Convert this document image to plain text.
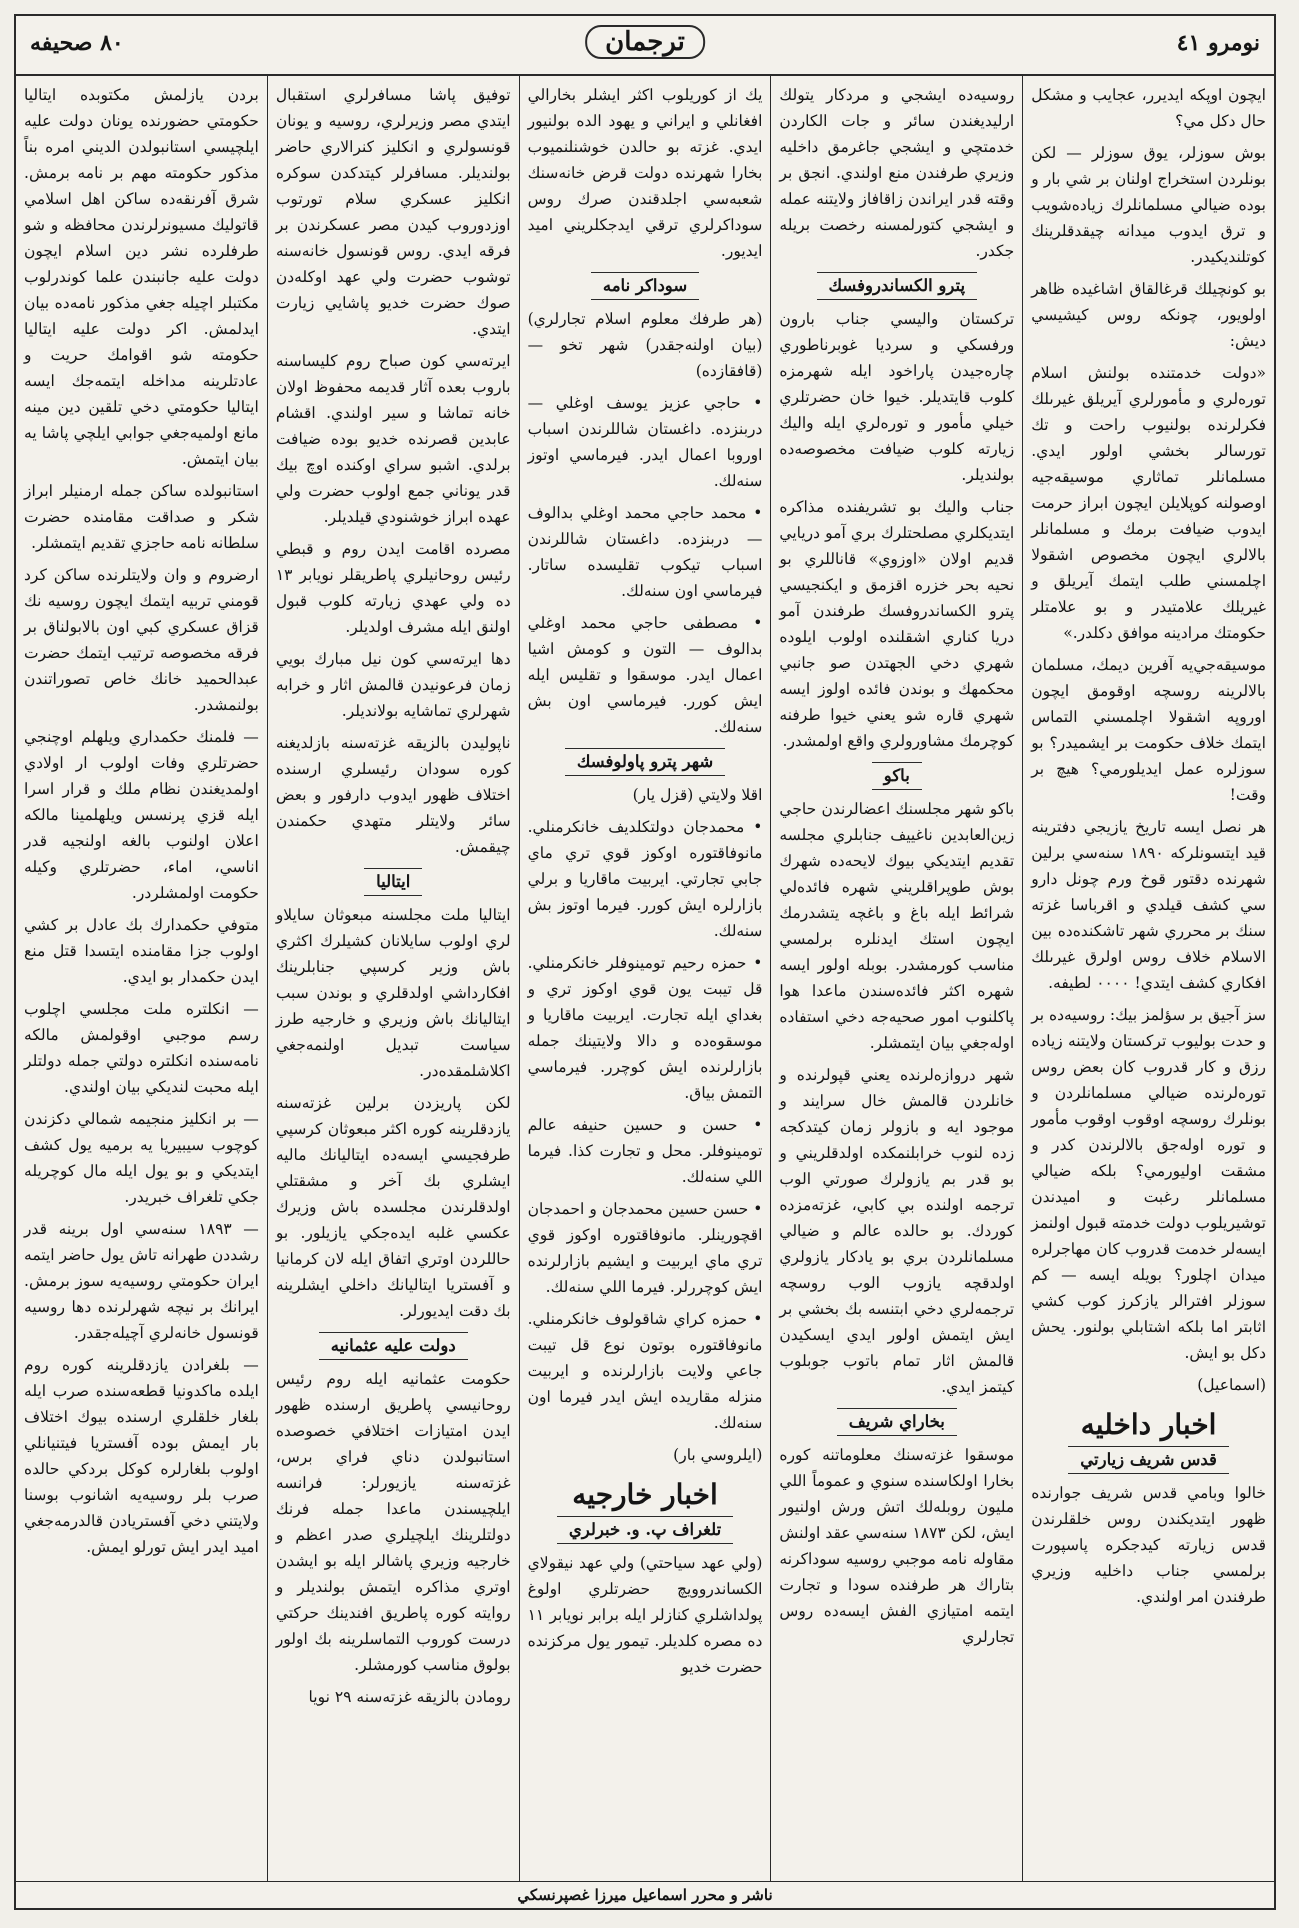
نومرو ٤١
ترجمان
٨٠ صحيفه

ايچون اوپكه ايديرر، عجايب و مشكل حال دكل مي؟

بوش سوزلر، يوق سوزلر — لكن بونلردن استخراج اولنان بر شي بار و بوده ضيالي مسلمانلرك زياده‌شويب و ترق ايدوب ميدانه چيقدقلرينك كوتلنديكيدر.

بو كونچيلك قرغالقاق اشاغيده ظاهر اولويور، چونكه روس كيشيسي ديش:

«دولت خدمتنده بولنش اسلام تورەلري و مأمورلري آيريلق غيرىلك فكرلرنده بولنيوب راحت و تك تورسالر بخشي اولور ايدي. مسلمانلر تماثاري‌ موسيقه‌جيه اوصولنه كوپلايلن ايچون ابراز حرمت ايدوب ضيافت برمك و مسلمانلر بالالري ايچون مخصوص اشقولا اچلمسني طلب ايتمك آيريلق و غيريلك علامتيدر و بو علامتلر حكومتك مرادينه موافق دكلدر.»

موسيقه‌جي‌يه آفرين ديمك، مسلمان بالالرينه روسچه اوقومق ايچون اوروپه اشقولا اچلمسني التماس ايتمك خلاف حكومت بر ايشميدر؟ بو سوزلره عمل ايديلورمي؟ هيچ بر وقت!

هر نصل ايسه تاريخ يازيجي دفترينه قيد ايتسونلركه ١٨٩٠ سنه‌سي برلين شهرنده دقتور قوخ ورم چونل دارو سي كشف قيلدي و اقرباسا غزته سنك بر محرري شهر تاشكنده‌ده بين الاسلام خلاف روس اولرق غيرىلك افكاري كشف ايتدي! ٠٠٠٠ لطيفه.

سز آجيق بر سؤلمز بيك: روسيه‌ده بر و حدت بوليوب تركستان ولايتنه زياده رزق و كار قدروب كان بعض روس تورەلرنده ضيالي مسلمانلردن و بونلرك روسچه اوقوب اوقوب مأمور و تورە اولەجق بالالرندن كدر و مشقت اوليورمي؟ بلكه ضيالي مسلمانلر رغبت و اميدندن توشيريلوب دولت خدمته قبول اولنمز ايسه‌لر خدمت قدروب كان مهاجرلره ميدان اچلور؟ بويله ايسه — كم سوزلر افترالر يازكرز كوب كشي اثابتر اما بلكه اشتابلي بولنور. يحش دكل بو ايش.

(اسماعيل)

اخبار داخليه
قدس شريف زيارتي

خالوا وبامي قدس شريف جوارنده ظهور ايتديكندن روس خلقلرندن قدس زيارته كيدجكره پاسپورت برلمسي جناب داخليه وزيري طرفندن امر اولندي.

روسيه‌ده ايشجي و مردكار يتولك ارليديغندن سائر و جات الكاردن خدمتچي و ايشجي جاغرمق داخليه وزيري طرفندن منع اولندي. انجق بر وقته قدر ايراندن زاقافاز ولايتنه عمله و ايشجي كتورلمسنه رخصت بريله جكدر.

پترو الكساندروفسك

تركستان واليسي جناب بارون ورفسكي و سرديا غوبرناطوري چاره‌جيدن پاراخود ايله شهرمزه كلوب قايتديلر. خيوا خان حضرتلري خيلي مأمور و تورەلري ايله واليك زيارته كلوب ضيافت مخصوصه‌ده بولنديلر.

جناب واليك بو تشريفنده مذاكره ايتديكلري مصلحتلرك بري آمو دريايي قديم اولان «اوزوي» قاناللري بو نحيه بحر خزره اقزمق و ايكنجيسي پترو الكساندروفسك طرفندن آمو دريا كناري اشقلنده اولوب ايلوده شهري دخي الجهتدن صو جانبي محكمهك و بوندن فائده اولوز ايسه شهري قاره شو يعني خيوا طرفنه كوچرمك مشاورولري واقع اولمشدر.

باكو

باكو شهر مجلسنك اعضالرندن حاجي زين‌العابدين ناغييف جنابلري مجلسه تقديم ايتديكي بيوك لايحه‌ده شهرك بوش طوپراقلريني شهره فائده‌لي شرائط ايله باغ و باغچه يتشدرمك ايچون استك ايدنلره برلمسي مناسب كورمشدر. بوبله اولور ايسه شهره اكثر فائده‌سندن ماعدا هوا پاكلنوب امور صحيه‌جه دخي استفاده اوله‌جغي بيان ايتمشلر.

شهر دروازه‌لرنده يعني قپولرنده و خانلردن قالمش خال سرايند و موجود ايه و بازولر زمان كيتدكجه زده لنوب خرابلنمكده اولدقلريني و بو قدر بم يازولرك صورتي الوب ترجمه اولنده بي كابي، غزته‌مزده كوردك. بو حالده عالم و ضيالي مسلمانلردن بري بو يادكار يازولري اولدقچه يازوب الوب روسچه ترجمه‌لري دخي ابتنسه بك بخشي بر ايش ايتمش اولور ايدي ايسكيدن قالمش اثار تمام باتوب جوبلوب كيتمز ايدي.

بخاراي شريف

موسقوا غزته‌سنك معلوماتنه كوره بخارا اولكاسنده سنوي و عموماً اللي مليون روبله‌لك اتش ورش اولنيور ايش، لكن ١٨٧٣ سنه‌سي عقد اولنش مقاوله نامه موجبي روسيه سوداكرنه بتاراك هر طرفنده سودا و تجارت ايتمه امتيازي الفش ايسه‌ده روس تجارلري

يك از كوريلوب اكثر ايشلر بخارالي افغانلي و ايراني و يهود الده بولنيور ايدي. غزته بو حالدن خوشنلنميوب بخارا شهرنده دولت قرض خانه‌سنك شعبه‌سي اجلدقندن صرك روس سوداكرلري ترقي ايدجكلريني اميد ايديور.

سوداكر نامه

(هر طرفك معلوم اسلام تجارلري) (بيان اولنه‌جقدر) شهر تخو — (قافقازده)

• حاجي عزيز يوسف اوغلي — دربنزده. داغستان شاللرندن اسباب اوروبا اعمال ايدر. فيرماسي اوتوز سنه‌لك.

• محمد حاجي محمد اوغلي بدالوف — دربنزده. داغستان شاللرندن اسباب تيكوب تقليسده ساتار. فيرماسي اون سنه‌لك.

• مصطفى حاجي محمد اوغلي بدالوف — التون و كومش اشيا اعمال ايدر. موسقوا و تقليس ايله ايش كورر. فيرماسي اون بش سنه‌لك.

شهر پترو پاولوفسك

اقلا ولايتي (قزل يار)

• محمدجان دولتكلديف خانكرمنلي. مانوفاقتوره اوكوز قوي تري ماي جابي تجارتي. ايربيت ماقاريا و برلي بازارلره ايش كورر. فيرما اوتوز بش سنه‌لك.

• حمزه رحيم تومينوفلر خانكرمنلي. قل تيبت يون قوي اوكوز تري و بغداي ايله تجارت. ايربيت ماقاريا و موسقوه‌ده و دالا ولايتينك جمله بازارلرنده ايش كوچرر. فيرماسي التمش بياق.

• حسن و حسين حنيفه عالم تومينوفلر. محل و تجارت كذا. فيرما اللي سنه‌لك.

• حسن حسين محمدجان و احمدجان اقچورينلر. مانوفاقتوره اوكوز قوي تري ماي ايربيت و ايشيم بازارلرنده ايش كوچررلر. فيرما اللي سنه‌لك.

• حمزه كراي شاقولوف خانكرمنلي. مانوفاقتوره بوتون نوع قل تيبت جاعي ولايت بازارلرنده و ايربيت منزله مقاريده ايش ايدر فيرما اون سنه‌لك.

(ايلروسي بار)

اخبار خارجيه
تلغراف پ. و. خبرلري

(ولي عهد سياحتي) ولي عهد نيقولاي الكساندروويچ حضرتلري اولوغ پولداشلري كنازلر ايله برابر نويابر ١١ ده مصره كلديلر. تيمور يول مركزنده حضرت خديو

توفيق پاشا مسافرلري استقبال ايتدي مصر وزيرلري، روسيه و يونان قونسولري و انكليز كنرالاري حاضر بولنديلر. مسافرلر كيتدكدن سوكره انكليز عسكري سلام تورتوب اوزدوروب كيدن مصر عسكرندن بر فرقه ايدي. روس قونسول خانه‌سنه توشوب حضرت ولي عهد اوكله‌دن صوك حضرت خديو پاشايي زيارت ايتدي.

ايرته‌سي كون صباح روم كليساسنه باروب بعده آثار قديمه محفوظ اولان خانه تماشا و سير اولندي. اقشام عابدين قصرنده خديو بوده ضيافت برلدي. اشبو سراي اوكنده اوچ بيك قدر يوناني جمع اولوب حضرت ولي عهده ابراز خوشنودي قيلديلر.

مصرده اقامت ايدن روم و قبطي رئيس روحانيلري پاطريقلر نويابر ١٣ ده ولي عهدي زيارته كلوب قبول اولنق ايله مشرف اولديلر.

دها ايرته‌سي كون نيل مبارك بويي زمان فرعونيدن قالمش اثار و خرابه شهرلري تماشايه بولانديلر.

ناپوليدن بالزيقه غزته‌سنه بازلديغنه كوره سودان رئيسلري ارسنده اختلاف ظهور ايدوب دارفور و بعض سائر ولايتلر متهدي حكمندن چيقمش.

ايتاليا

ايتاليا ملت مجلسنه مبعوثان سايلاو لري اولوب سايلانان كشيلرك اكثري باش وزير كرسپي جنابلرينك افكارداشي اولدقلري و بوندن سبب ايتاليانك باش وزيري و خارجيه طرز سياست تبديل اولنمه‌جغي اكلاشلمقده‌در.

لكن پاريزدن برلين غزته‌سنه يازدقلرينه كوره اكثر مبعوثان كرسپي طرفجيسي ايسه‌ده ايتاليانك ماليه ايشلري بك آخر و مشقتلي اولدقلرندن مجلسده باش وزيرك عكسي غلبه ايده‌جكي يازيلور. بو حاللردن اوتري اتفاق ايله لان كرمانيا و آفستريا ايتاليانك داخلي ايشلرينه بك دقت ايديورلر.

دولت عليه عثمانيه

حكومت عثمانيه ايله روم رئيس روحانيسي پاطريق ارسنده ظهور ايدن امتيازات اختلافي خصوصده استانبولدن دناي فراي برس، غزته‌سنه يازيورلر: فرانسه ايلچيسندن ماعدا جمله فرنك دولتلرينك ايلچيلري صدر اعظم و خارجيه وزيري پاشالر ايله بو ايشدن اوتري مذاكره ايتمش بولنديلر و روايته كوره پاطريق افندينك حركتي درست كوروب التماسلرينه بك اولور بولوق مناسب كورمشلر.

رومادن بالزيقه غزته‌سنه ٢٩ نويا

بردن يازلمش مكتوبده ايتاليا حكومتي حضورنده يونان دولت عليه ايلچيسي استانبولدن الديني امره بناً مذكور حكومته مهم بر نامه برمش. شرق آفرنقه‌ده ساكن اهل اسلامي قاتوليك مسيونرلرندن محافظه و شو طرفلرده نشر دين اسلام ايچون دولت عليه جانبندن علما كوندرلوب مكتبلر اچيله جغي مذكور نامه‌ده بيان ايدلمش. اكر دولت عليه ايتاليا حكومته شو اقوامك حريت و عادتلرينه مداخله ايتمه‌جك ايسه ايتاليا حكومتي دخي تلقين دين مينه مانع اولميه‌جغي جوابي ايلچي پاشا يه بيان ايتمش.

استانبولده ساكن جمله ارمنيلر ابراز شكر و صداقت مقامنده حضرت سلطانه نامه حاجزي تقديم ايتمشلر.

ارضروم و وان ولايتلرنده ساكن كرد قومني تربيه ايتمك ايچون روسيه نك قزاق عسكري كبي اون بالابولناق بر فرقه مخصوصه ترتيب ايتمك حضرت عبدالحميد خانك خاص تصوراتندن بولنمشدر.

— فلمنك حكمداري ويلهلم اوچنجي حضرتلري وفات اولوب ار اولادي اولمديغندن نظام ملك و قرار اسرا ايله قزي پرنسس ويلهلمينا مالكه اعلان اولنوب بالغه اولنجيه قدر اناسي، اماء، حضرتلري وكيله حكومت اولمشلردر.

متوفي حكمدارك بك عادل بر كشي اولوب جزا مقامنده ايتسدا قتل منع ايدن حكمدار بو ايدي.

— انكلتره ملت مجلسي اچلوب رسم موجبي اوقولمش مالكه نامه‌سنده انكلتره دولتي جمله دولتلر ايله محبت لنديكي بيان اولندي.

— بر انكليز منجيمه شمالي دكزندن كوچوب سيبيريا يه برميه يول كشف ايتديكي و بو يول ايله مال كوچريله جكي تلغراف خبريدر.

— ١٨٩٣ سنه‌سي اول برينه قدر رشددن طهرانه تاش يول حاضر ايتمه ايران حكومتي روسيه‌يه سوز برمش. ايرانك بر نيچه شهرلرنده دها روسيه قونسول خانه‌لري آچيله‌جقدر.

— بلغرادن يازدقلرينه كوره روم ايلده ماكدونيا قطعه‌سنده صرب ايله بلغار خلقلري ارسنده بيوك اختلاف بار ايمش بوده آفستريا فيتنيانلي اولوب بلغارلره كوكل بردكي حالده صرب بلر روسيه‌يه اشانوب بوسنا ولايتني دخي آفستريادن قالدرمه‌جغي اميد ايدر ايش تورلو ايمش.

ناشر و محرر اسماعيل ميرزا غصپرنسكي
